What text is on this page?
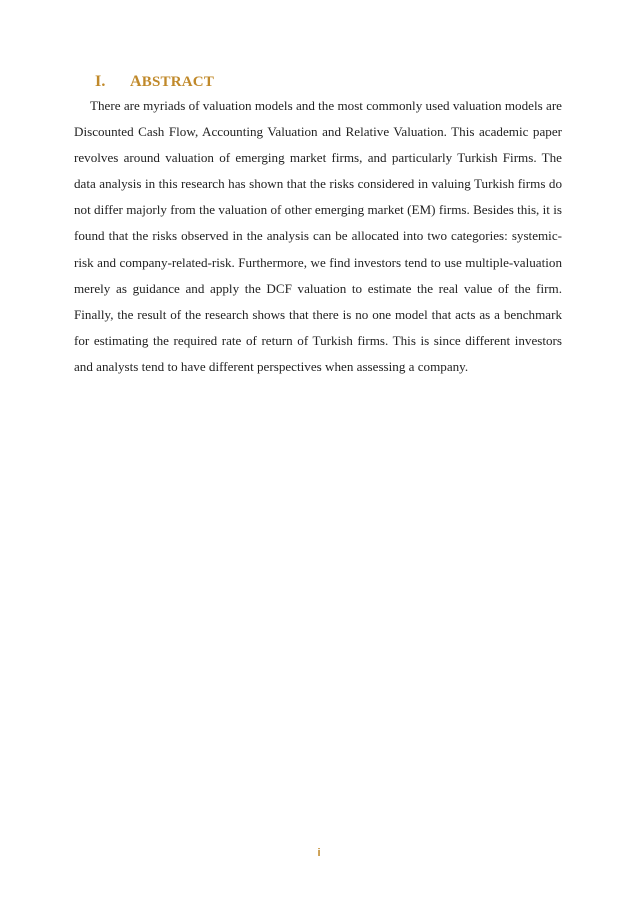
I. ABSTRACT

There are myriads of valuation models and the most commonly used valuation models are Discounted Cash Flow, Accounting Valuation and Relative Valuation. This academic paper revolves around valuation of emerging market firms, and particularly Turkish Firms. The data analysis in this research has shown that the risks considered in valuing Turkish firms do not differ majorly from the valuation of other emerging market (EM) firms. Besides this, it is found that the risks observed in the analysis can be allocated into two categories: systemic-risk and company-related-risk. Furthermore, we find investors tend to use multiple-valuation merely as guidance and apply the DCF valuation to estimate the real value of the firm. Finally, the result of the research shows that there is no one model that acts as a benchmark for estimating the required rate of return of Turkish firms. This is since different investors and analysts tend to have different perspectives when assessing a company.

i
